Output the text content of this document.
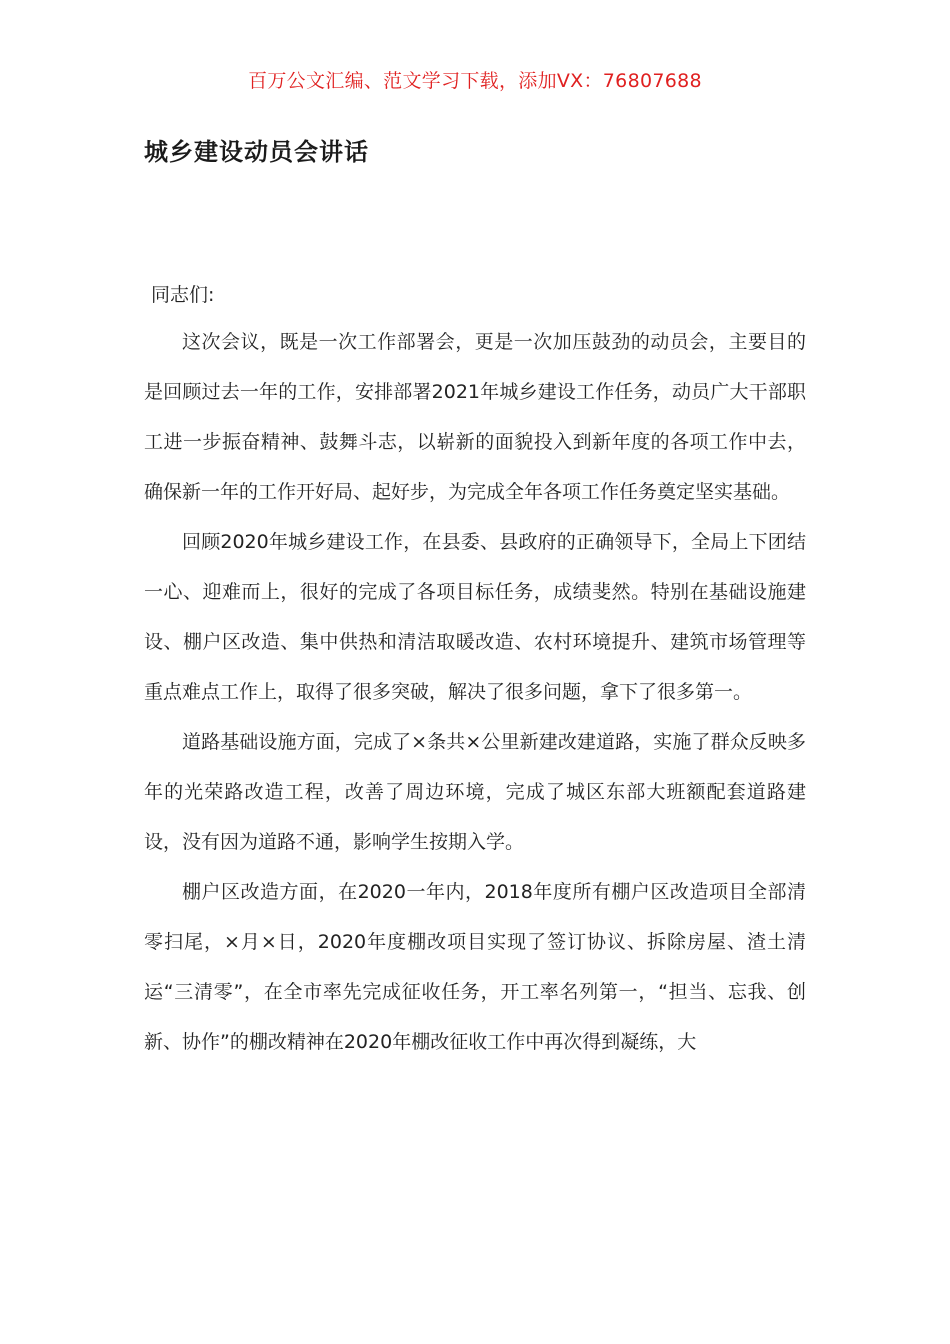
百万公文汇编、范文学习下载，添加VX：76807688
城乡建设动员会讲话

同志们:

这次会议，既是一次工作部署会，更是一次加压鼓劲的动员会，主要目的是回顾过去一年的工作，安排部署2021年城乡建设工作任务，动员广大干部职工进一步振奋精神、鼓舞斗志，以崭新的面貌投入到新年度的各项工作中去，确保新一年的工作开好局、起好步，为完成全年各项工作任务奠定坚实基础。

回顾2020年城乡建设工作，在县委、县政府的正确领导下，全局上下团结一心、迎难而上，很好的完成了各项目标任务，成绩斐然。特别在基础设施建设、棚户区改造、集中供热和清洁取暖改造、农村环境提升、建筑市场管理等重点难点工作上，取得了很多突破，解决了很多问题，拿下了很多第一。

道路基础设施方面，完成了×条共×公里新建改建道路，实施了群众反映多年的光荣路改造工程，改善了周边环境，完成了城区东部大班额配套道路建设，没有因为道路不通，影响学生按期入学。

棚户区改造方面，在2020一年内，2018年度所有棚户区改造项目全部清零扫尾，×月×日，2020年度棚改项目实现了签订协议、拆除房屋、渣土清运“三清零”，在全市率先完成征收任务，开工率名列第一，“担当、忘我、创新、协作”的棚改精神在2020年棚改征收工作中再次得到凝练，大
